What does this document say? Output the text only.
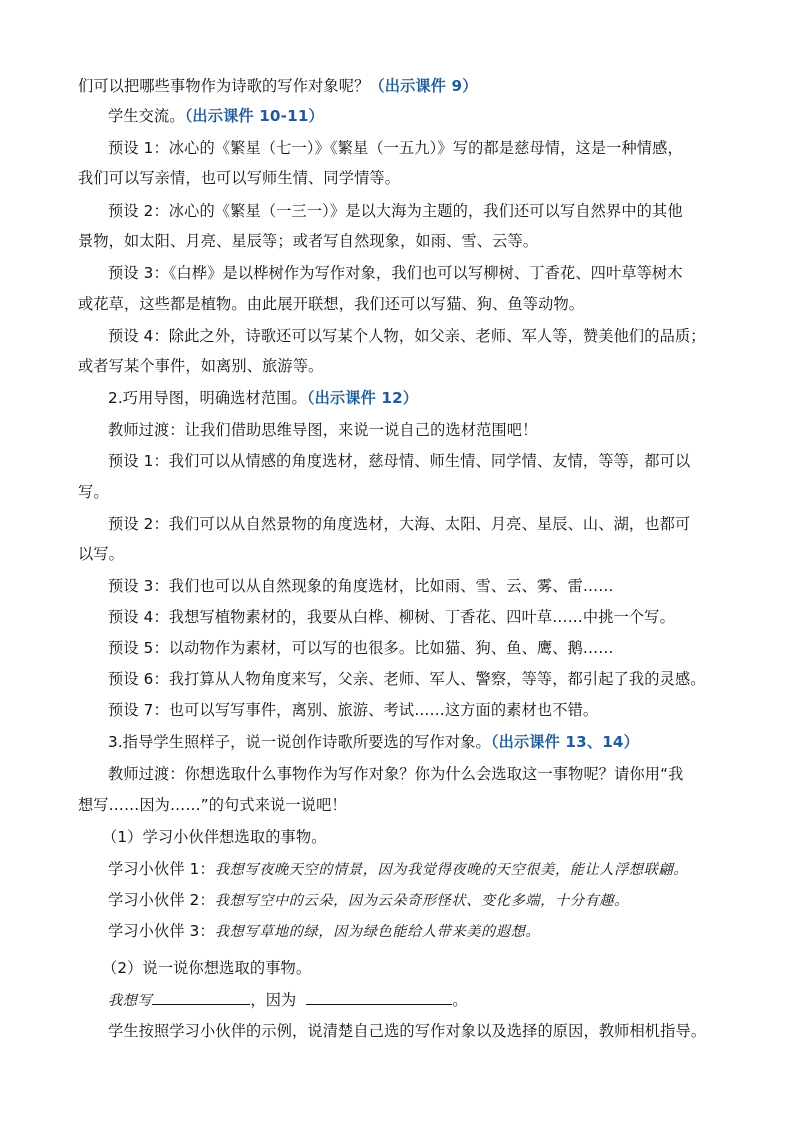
们可以把哪些事物作为诗歌的写作对象呢？（出示课件 9）
学生交流。（出示课件 10-11）
预设 1：冰心的《繁星（七一）》《繁星（一五九）》写的都是慈母情，这是一种情感，
我们可以写亲情，也可以写师生情、同学情等。
预设 2：冰心的《繁星（一三一）》是以大海为主题的，我们还可以写自然界中的其他
景物，如太阳、月亮、星辰等；或者写自然现象，如雨、雪、云等。
预设 3：《白桦》是以桦树作为写作对象，我们也可以写柳树、丁香花、四叶草等树木
或花草，这些都是植物。由此展开联想，我们还可以写猫、狗、鱼等动物。
预设 4：除此之外，诗歌还可以写某个人物，如父亲、老师、军人等，赞美他们的品质；
或者写某个事件，如离别、旅游等。
2.巧用导图，明确选材范围。（出示课件 12）
教师过渡：让我们借助思维导图，来说一说自己的选材范围吧！
预设 1：我们可以从情感的角度选材，慈母情、师生情、同学情、友情，等等，都可以
写。
预设 2：我们可以从自然景物的角度选材，大海、太阳、月亮、星辰、山、湖，也都可
以写。
预设 3：我们也可以从自然现象的角度选材，比如雨、雪、云、雾、雷……
预设 4：我想写植物素材的，我要从白桦、柳树、丁香花、四叶草……中挑一个写。
预设 5：以动物作为素材，可以写的也很多。比如猫、狗、鱼、鹰、鹅……
预设 6：我打算从人物角度来写，父亲、老师、军人、警察，等等，都引起了我的灵感。
预设 7：也可以写写事件，离别、旅游、考试……这方面的素材也不错。
3.指导学生照样子，说一说创作诗歌所要选的写作对象。（出示课件 13、14）
教师过渡：你想选取什么事物作为写作对象？你为什么会选取这一事物呢？请你用“我
想写……因为……”的句式来说一说吧！
（1）学习小伙伴想选取的事物。
学习小伙伴 1：我想写夜晚天空的情景，因为我觉得夜晚的天空很美，能让人浮想联翩。
学习小伙伴 2：我想写空中的云朵，因为云朵奇形怪状、变化多端，十分有趣。
学习小伙伴 3：我想写草地的绿，因为绿色能给人带来美的遐想。
（2）说一说你想选取的事物。
我想写	，因为	。
学生按照学习小伙伴的示例，说清楚自己选的写作对象以及选择的原因，教师相机指导。
